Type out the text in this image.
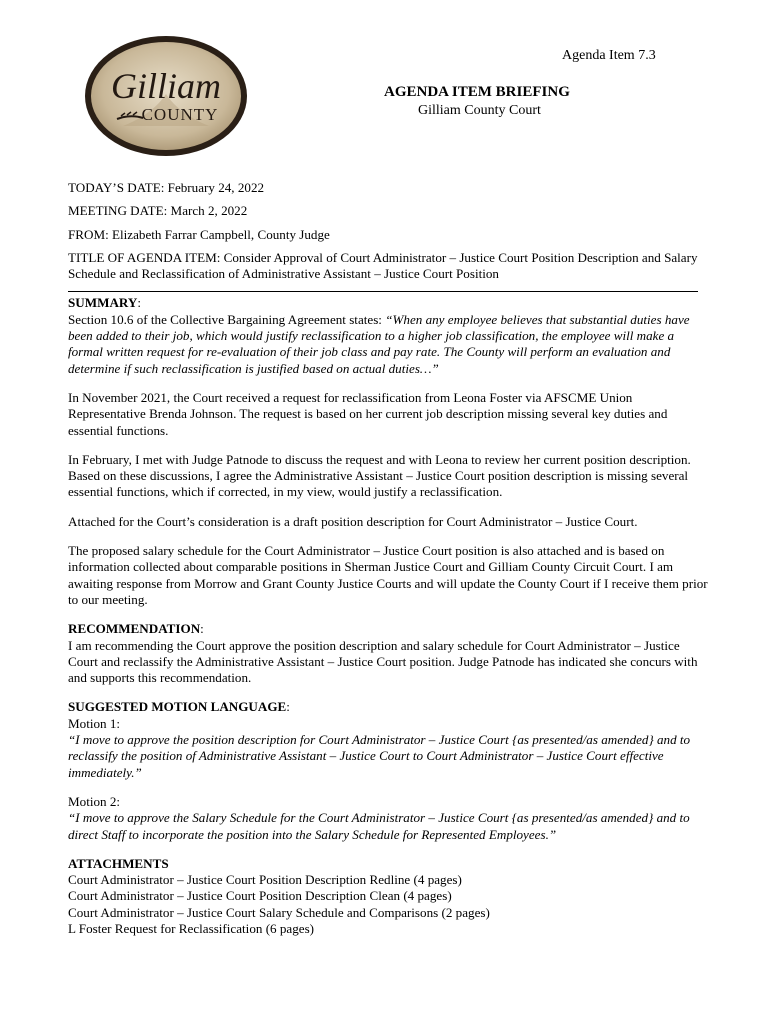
Gilliam
COUNTY
Agenda Item 7.3
AGENDA ITEM BRIEFING
Gilliam County Court

TODAY’S DATE: February 24, 2022

MEETING DATE: March 2, 2022

FROM: Elizabeth Farrar Campbell, County Judge

TITLE OF AGENDA ITEM: Consider Approval of Court Administrator – Justice Court Position Description and Salary Schedule and Reclassification of Administrative Assistant – Justice Court Position

SUMMARY:

Section 10.6 of the Collective Bargaining Agreement states: “When any employee believes that substantial duties have been added to their job, which would justify reclassification to a higher job classification, the employee will make a formal written request for re-evaluation of their job class and pay rate. The County will perform an evaluation and determine if such reclassification is justified based on actual duties…”

In November 2021, the Court received a request for reclassification from Leona Foster via AFSCME Union Representative Brenda Johnson. The request is based on her current job description missing several key duties and essential functions.

In February, I met with Judge Patnode to discuss the request and with Leona to review her current position description. Based on these discussions, I agree the Administrative Assistant – Justice Court position description is missing several essential functions, which if corrected, in my view, would justify a reclassification.

Attached for the Court’s consideration is a draft position description for Court Administrator – Justice Court.

The proposed salary schedule for the Court Administrator – Justice Court position is also attached and is based on information collected about comparable positions in Sherman Justice Court and Gilliam County Circuit Court. I am awaiting response from Morrow and Grant County Justice Courts and will update the County Court if I receive them prior to our meeting.

RECOMMENDATION:

I am recommending the Court approve the position description and salary schedule for Court Administrator – Justice Court and reclassify the Administrative Assistant – Justice Court position. Judge Patnode has indicated she concurs with and supports this recommendation.

SUGGESTED MOTION LANGUAGE:

Motion 1:

“I move to approve the position description for Court Administrator – Justice Court {as presented/as amended} and to reclassify the position of Administrative Assistant – Justice Court to Court Administrator – Justice Court effective immediately.”

Motion 2:

“I move to approve the Salary Schedule for the Court Administrator – Justice Court {as presented/as amended} and to direct Staff to incorporate the position into the Salary Schedule for Represented Employees.”

ATTACHMENTS

Court Administrator – Justice Court Position Description Redline (4 pages)

Court Administrator – Justice Court Position Description Clean (4 pages)

Court Administrator – Justice Court Salary Schedule and Comparisons (2 pages)

L Foster Request for Reclassification (6 pages)
